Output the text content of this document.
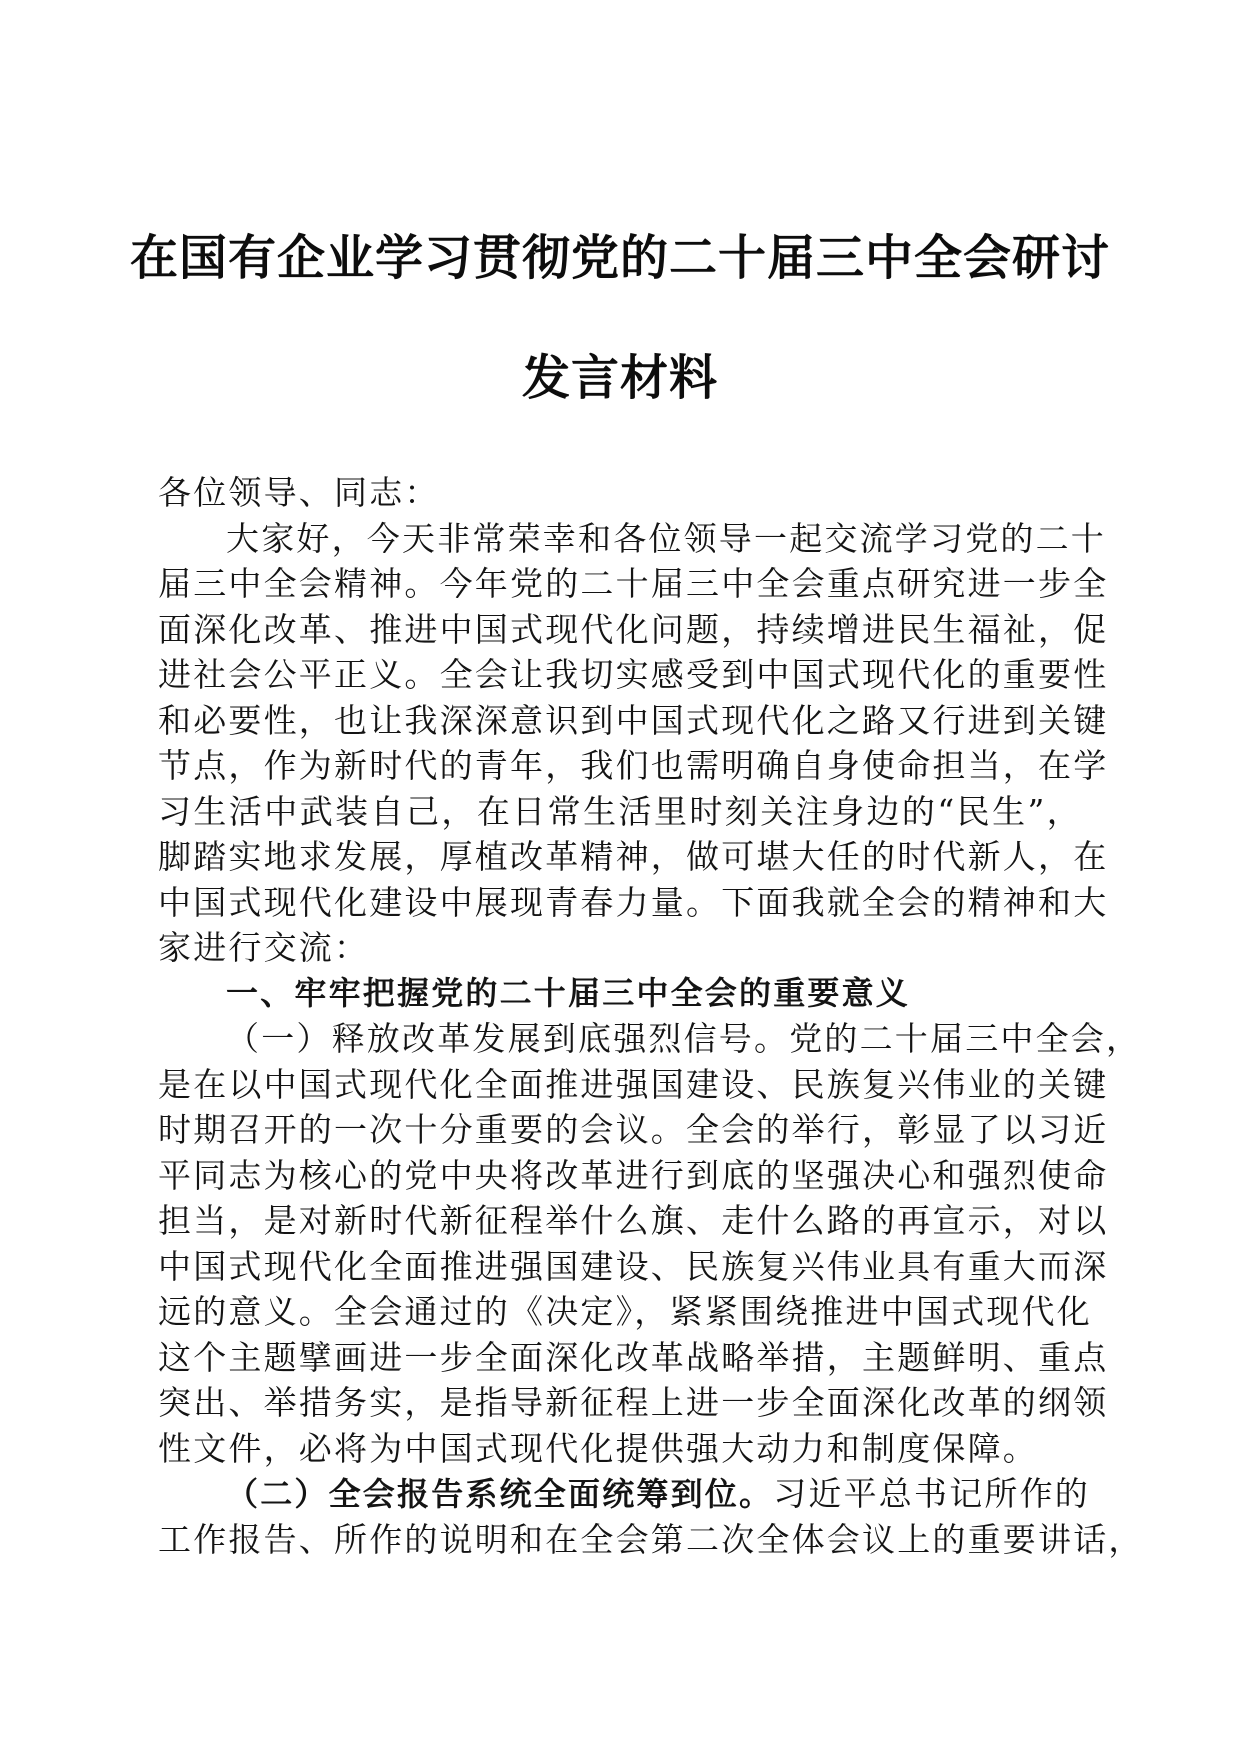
在国有企业学习贯彻党的二十届三中全会研讨
发言材料
各位领导、同志：
大家好，今天非常荣幸和各位领导一起交流学习党的二十
届三中全会精神。今年党的二十届三中全会重点研究进一步全
面深化改革、推进中国式现代化问题，持续增进民生福祉，促
进社会公平正义。全会让我切实感受到中国式现代化的重要性
和必要性，也让我深深意识到中国式现代化之路又行进到关键
节点，作为新时代的青年，我们也需明确自身使命担当，在学
习生活中武装自己，在日常生活里时刻关注身边的“民生”，
脚踏实地求发展，厚植改革精神，做可堪大任的时代新人，在
中国式现代化建设中展现青春力量。下面我就全会的精神和大
家进行交流：
一、牢牢把握党的二十届三中全会的重要意义
（一）释放改革发展到底强烈信号。党的二十届三中全会，
是在以中国式现代化全面推进强国建设、民族复兴伟业的关键
时期召开的一次十分重要的会议。全会的举行，彰显了以习近
平同志为核心的党中央将改革进行到底的坚强决心和强烈使命
担当，是对新时代新征程举什么旗、走什么路的再宣示，对以
中国式现代化全面推进强国建设、民族复兴伟业具有重大而深
远的意义。全会通过的《决定》，紧紧围绕推进中国式现代化
这个主题擘画进一步全面深化改革战略举措，主题鲜明、重点
突出、举措务实，是指导新征程上进一步全面深化改革的纲领
性文件，必将为中国式现代化提供强大动力和制度保障。
（二）全会报告系统全面统筹到位。习近平总书记所作的
工作报告、所作的说明和在全会第二次全体会议上的重要讲话，
